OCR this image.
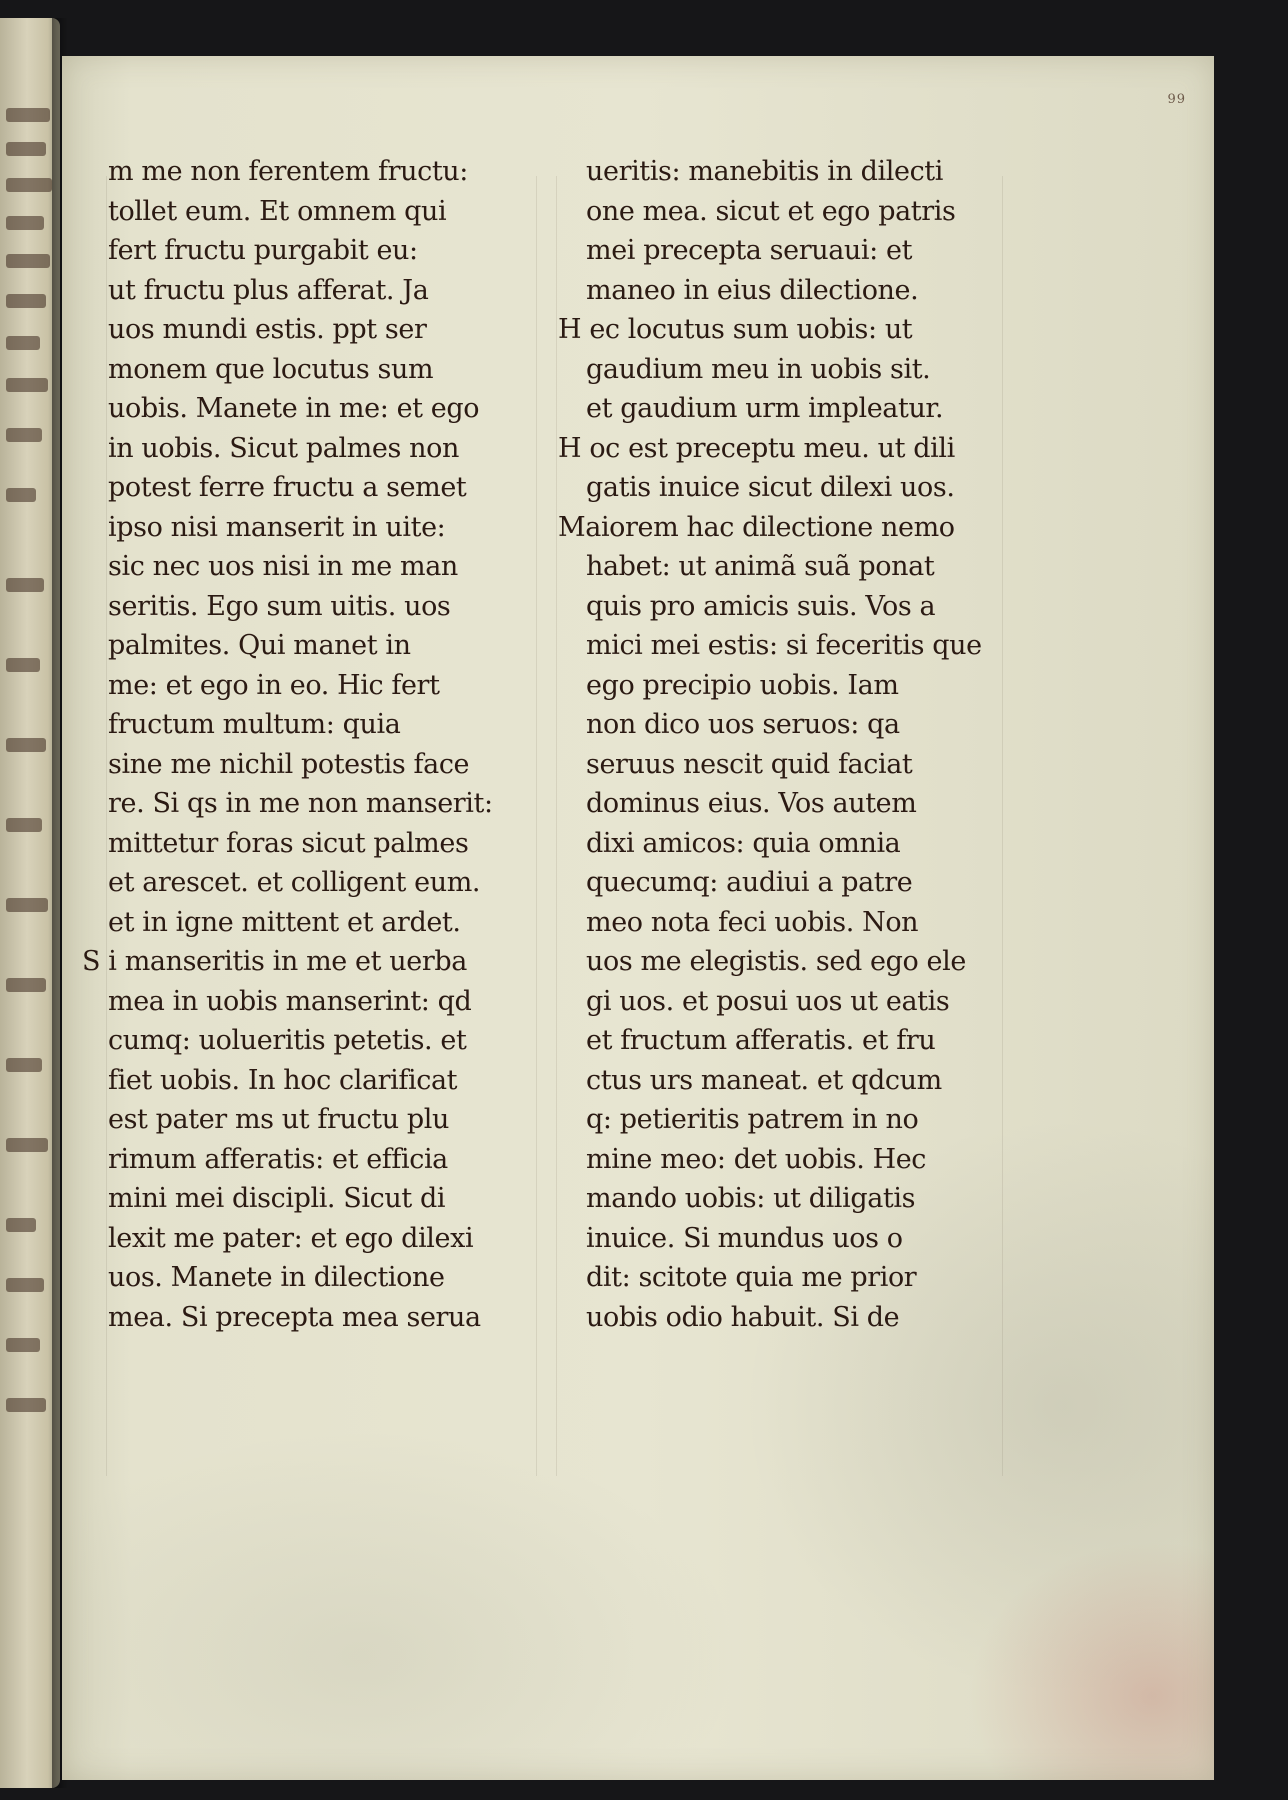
99
m me non ferentem fructu:
tollet eum. Et omnem qui
fert fructu purgabit eu:
ut fructu plus afferat. Ja
uos mundi estis. ppt ser
monem que locutus sum
uobis. Manete in me: et ego
in uobis. Sicut palmes non
potest ferre fructu a semet
ipso nisi manserit in uite:
sic nec uos nisi in me man
seritis. Ego sum uitis. uos
palmites. Qui manet in
me: et ego in eo. Hic fert
fructum multum: quia
sine me nichil potestis face
re. Si qs in me non manserit:
mittetur foras sicut palmes
et arescet. et colligent eum.
et in igne mittent et ardet.
S i manseritis in me et uerba
mea in uobis manserint: qd
cumq: uolueritis petetis. et
fiet uobis. In hoc clarificat
est pater ms ut fructu plu
rimum afferatis: et efficia
mini mei discipli. Sicut di
lexit me pater: et ego dilexi
uos. Manete in dilectione
mea. Si precepta mea serua
ueritis: manebitis in dilecti
one mea. sicut et ego patris
mei precepta seruaui: et
maneo in eius dilectione.
H ec locutus sum uobis: ut
gaudium meu in uobis sit.
et gaudium urm impleatur.
H oc est preceptu meu. ut dili
gatis inuice sicut dilexi uos.
Maiorem hac dilectione nemo
habet: ut animã suã ponat
quis pro amicis suis. Vos a
mici mei estis: si feceritis que
ego precipio uobis. Iam
non dico uos seruos: qa
seruus nescit quid faciat
dominus eius. Vos autem
dixi amicos: quia omnia
quecumq: audiui a patre
meo nota feci uobis. Non
uos me elegistis. sed ego ele
gi uos. et posui uos ut eatis
et fructum afferatis. et fru
ctus urs maneat. et qdcum
q: petieritis patrem in no
mine meo: det uobis. Hec
mando uobis: ut diligatis
inuice. Si mundus uos o
dit: scitote quia me prior
uobis odio habuit. Si de
